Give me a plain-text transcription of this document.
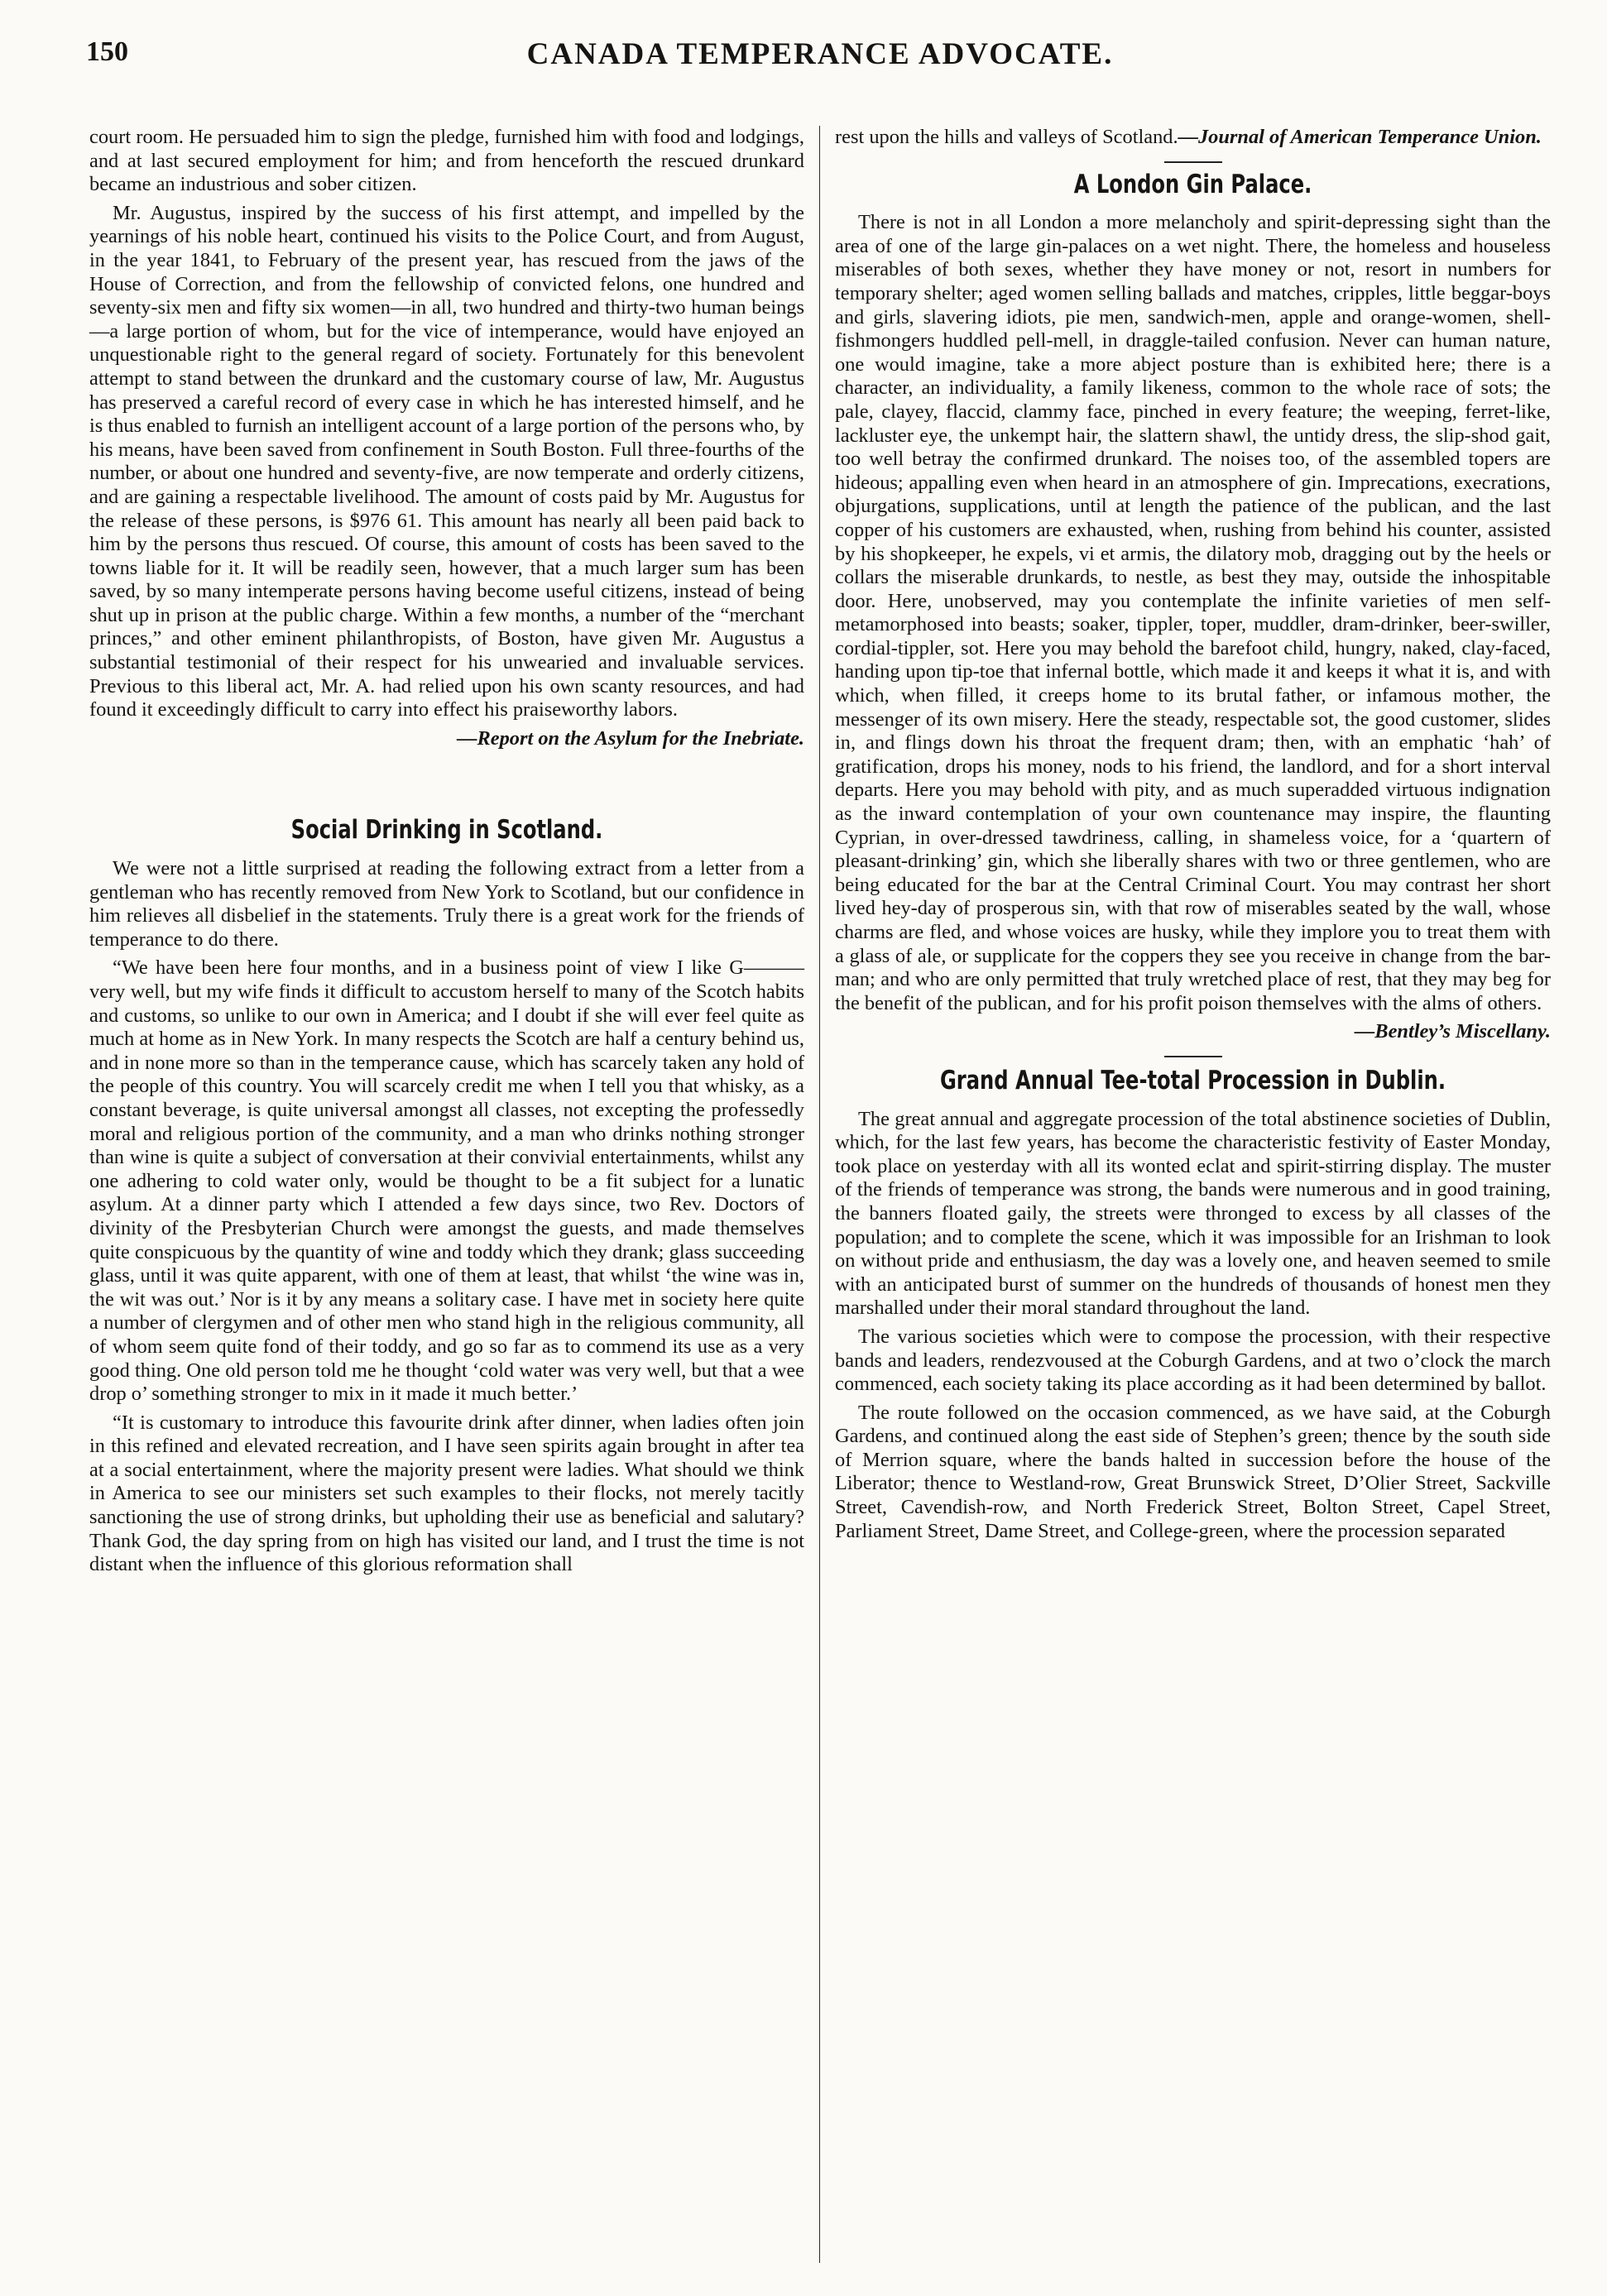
150	CANADA TEMPERANCE ADVOCATE.

court room. He persuaded him to sign the pledge, furnished him with food and lodgings, and at last secured employment for him; and from henceforth the rescued drunkard became an industrious and sober citizen.

Mr. Augustus, inspired by the success of his first attempt, and impelled by the yearnings of his noble heart, continued his visits to the Police Court, and from August, in the year 1841, to February of the present year, has rescued from the jaws of the House of Correction, and from the fellowship of convicted felons, one hundred and seventy-six men and fifty six women—in all, two hundred and thirty-two human beings—a large portion of whom, but for the vice of intemperance, would have enjoyed an unquestionable right to the general regard of society. Fortunately for this benevolent attempt to stand between the drunkard and the customary course of law, Mr. Augustus has preserved a careful record of every case in which he has interested himself, and he is thus enabled to furnish an intelligent account of a large portion of the persons who, by his means, have been saved from confinement in South Boston. Full three-fourths of the number, or about one hundred and seventy-five, are now temperate and orderly citizens, and are gaining a respectable livelihood. The amount of costs paid by Mr. Augustus for the release of these persons, is $976 61. This amount has nearly all been paid back to him by the persons thus rescued. Of course, this amount of costs has been saved to the towns liable for it. It will be readily seen, however, that a much larger sum has been saved, by so many intemperate persons having become useful citizens, instead of being shut up in prison at the public charge. Within a few months, a number of the “merchant princes,” and other eminent philanthropists, of Boston, have given Mr. Augustus a substantial testimonial of their respect for his unwearied and invaluable services. Previous to this liberal act, Mr. A. had relied upon his own scanty resources, and had found it exceedingly difficult to carry into effect his praiseworthy labors.

—Report on the Asylum for the Inebriate.

Social Drinking in Scotland.

We were not a little surprised at reading the following extract from a letter from a gentleman who has recently removed from New York to Scotland, but our confidence in him relieves all disbelief in the statements. Truly there is a great work for the friends of temperance to do there.

“We have been here four months, and in a business point of view I like G——— very well, but my wife finds it difficult to accustom herself to many of the Scotch habits and customs, so unlike to our own in America; and I doubt if she will ever feel quite as much at home as in New York. In many respects the Scotch are half a century behind us, and in none more so than in the temperance cause, which has scarcely taken any hold of the people of this country. You will scarcely credit me when I tell you that whisky, as a constant beverage, is quite universal amongst all classes, not excepting the professedly moral and religious portion of the community, and a man who drinks nothing stronger than wine is quite a subject of conversation at their convivial entertainments, whilst any one adhering to cold water only, would be thought to be a fit subject for a lunatic asylum. At a dinner party which I attended a few days since, two Rev. Doctors of divinity of the Presbyterian Church were amongst the guests, and made themselves quite conspicuous by the quantity of wine and toddy which they drank; glass succeeding glass, until it was quite apparent, with one of them at least, that whilst ‘the wine was in, the wit was out.’ Nor is it by any means a solitary case. I have met in society here quite a number of clergymen and of other men who stand high in the religious community, all of whom seem quite fond of their toddy, and go so far as to commend its use as a very good thing. One old person told me he thought ‘cold water was very well, but that a wee drop o’ something stronger to mix in it made it much better.’

“It is customary to introduce this favourite drink after dinner, when ladies often join in this refined and elevated recreation, and I have seen spirits again brought in after tea at a social entertainment, where the majority present were ladies. What should we think in America to see our ministers set such examples to their flocks, not merely tacitly sanctioning the use of strong drinks, but upholding their use as beneficial and salutary? Thank God, the day spring from on high has visited our land, and I trust the time is not distant when the influence of this glorious reformation shall

rest upon the hills and valleys of Scotland.—Journal of American Temperance Union.

A London Gin Palace.

There is not in all London a more melancholy and spirit-depressing sight than the area of one of the large gin-palaces on a wet night. There, the homeless and houseless miserables of both sexes, whether they have money or not, resort in numbers for temporary shelter; aged women selling ballads and matches, cripples, little beggar-boys and girls, slavering idiots, pie men, sandwich-men, apple and orange-women, shell-fishmongers huddled pell-mell, in draggle-tailed confusion. Never can human nature, one would imagine, take a more abject posture than is exhibited here; there is a character, an individuality, a family likeness, common to the whole race of sots; the pale, clayey, flaccid, clammy face, pinched in every feature; the weeping, ferret-like, lackluster eye, the unkempt hair, the slattern shawl, the untidy dress, the slip-shod gait, too well betray the confirmed drunkard. The noises too, of the assembled topers are hideous; appalling even when heard in an atmosphere of gin. Imprecations, execrations, objurgations, supplications, until at length the patience of the publican, and the last copper of his customers are exhausted, when, rushing from behind his counter, assisted by his shopkeeper, he expels, vi et armis, the dilatory mob, dragging out by the heels or collars the miserable drunkards, to nestle, as best they may, outside the inhospitable door. Here, unobserved, may you contemplate the infinite varieties of men self-metamorphosed into beasts; soaker, tippler, toper, muddler, dram-drinker, beer-swiller, cordial-tippler, sot. Here you may behold the barefoot child, hungry, naked, clay-faced, handing upon tip-toe that infernal bottle, which made it and keeps it what it is, and with which, when filled, it creeps home to its brutal father, or infamous mother, the messenger of its own misery. Here the steady, respectable sot, the good customer, slides in, and flings down his throat the frequent dram; then, with an emphatic ‘hah’ of gratification, drops his money, nods to his friend, the landlord, and for a short interval departs. Here you may behold with pity, and as much superadded virtuous indignation as the inward contemplation of your own countenance may inspire, the flaunting Cyprian, in over-dressed tawdriness, calling, in shameless voice, for a ‘quartern of pleasant-drinking’ gin, which she liberally shares with two or three gentlemen, who are being educated for the bar at the Central Criminal Court. You may contrast her short lived hey-day of prosperous sin, with that row of miserables seated by the wall, whose charms are fled, and whose voices are husky, while they implore you to treat them with a glass of ale, or supplicate for the coppers they see you receive in change from the bar-man; and who are only permitted that truly wretched place of rest, that they may beg for the benefit of the publican, and for his profit poison themselves with the alms of others.

—Bentley’s Miscellany.

Grand Annual Tee-total Procession in Dublin.

The great annual and aggregate procession of the total abstinence societies of Dublin, which, for the last few years, has become the characteristic festivity of Easter Monday, took place on yesterday with all its wonted eclat and spirit-stirring display. The muster of the friends of temperance was strong, the bands were numerous and in good training, the banners floated gaily, the streets were thronged to excess by all classes of the population; and to complete the scene, which it was impossible for an Irishman to look on without pride and enthusiasm, the day was a lovely one, and heaven seemed to smile with an anticipated burst of summer on the hundreds of thousands of honest men they marshalled under their moral standard throughout the land.

The various societies which were to compose the procession, with their respective bands and leaders, rendezvoused at the Coburgh Gardens, and at two o’clock the march commenced, each society taking its place according as it had been determined by ballot.

The route followed on the occasion commenced, as we have said, at the Coburgh Gardens, and continued along the east side of Stephen’s green; thence by the south side of Merrion square, where the bands halted in succession before the house of the Liberator; thence to Westland-row, Great Brunswick Street, D’Olier Street, Sackville Street, Cavendish-row, and North Frederick Street, Bolton Street, Capel Street, Parliament Street, Dame Street, and College-green, where the procession separated
